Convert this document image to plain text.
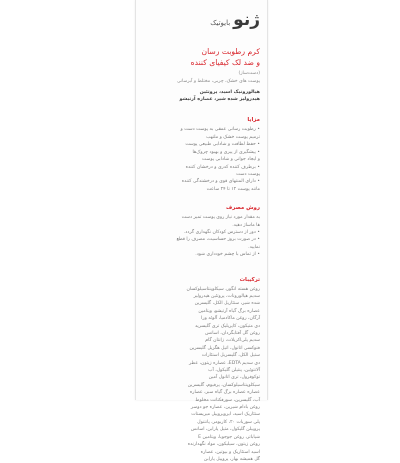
ژنو
بایوتیک
کرم رطوبت رسان
و ضد لک کیفیای کننده
(دست‌ساز)
پوست های خشک، چربی، مختلط و آبرسانی
هیالورونیک اسید، پروتئین
هیدرولیز شده شیر، عصاره آرتیشو
مزایا
• رطوبت رسانی عمقی به پوست دست و
ترمیم پوست خشک و ملتهب
• حفظ لطافت و شادابی طبیعی پوست
• پیشگیری از پیری و بهبود چروک‌ها
و ایجاد جوانی و شادابی پوست
• برطرف کننده کدری و درخشان کننده
پوست دست
• دارای المنتهای قوی و درخشندگی کننده
مانند پوست ۱۲ تا ۲۴ ساعت
روش مصرف
به مقدار مورد نیاز روی پوست تمیز دست
ها ماساژ دهید.
• دور از دسترس کودکان نگهداری گردد.
• در صورت بروز حساسیت، مصرف را قطع
نمایید.
• از تماس با چشم خودداری شود.
ترکیبات
روغن هسته انگور، سیکلوپنتاسیلوکسان
سدیم هیالورونات، پروتئین هیدرولیز
شده شیر، ستئاریل الکل، گلیسرین
عصاره برگ گیاه آرتیشو، ویتامین
آرگان، روغن ماکادمیا، آلوئه ورا
دی متیکون، کاپریلیک تری گلیسرید
روغن گل آفتابگردان، اسانس
سدیم پلی‌اکریلات، زانتان گام
فنوکسی اتانول، اتیل هگزیل گلیسرین
ستیل الکل، گلیسریل استئارات
دی سدیم EDTA، عصاره زیتون، عطر
آلانتوئین، پنتیلن گلیکول، آب
توکوفرول، تری اتانول آمین
سیکلوپنتاسیلوکسان، پرفیوم، گلیسرین
عصاره عصاره برگ گیاه سبز، عصاره
آب، گلیسرین، سورفکتانت مخلوط
روغن بادام شیرین، عصاره جو دوسر
ستئاریک اسید، ایزوپروپیل میریستات
پلی سوربات ۲۰، کاربومر، پانتنول
پروپیلن گلیکول، متیل پارابن، اسانس
شیاباتر، روغن جوجوبا، ویتامین E
روغن زیتون، سیلیکون، مواد نگهدارنده
اسید استئاریک و بیوتین، عصاره
گل همیشه بهار، پروپیل پارابن
